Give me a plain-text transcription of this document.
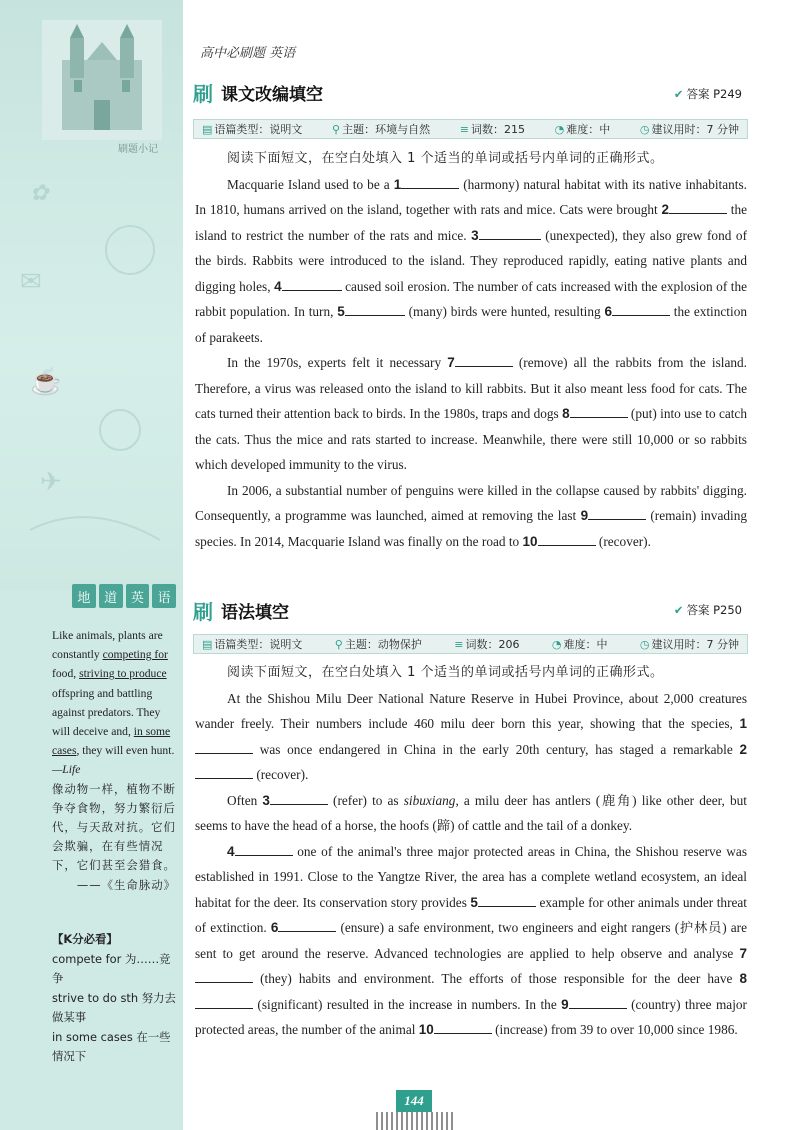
刷题小记
✿
✉
☕
✈
地	道	英	语
Like animals, plants are constantly competing for food, striving to produce offspring and battling against predators. They will deceive and, in some cases, they will even hunt. —Life
像动物一样，植物不断争夺食物，努力繁衍后代，与天敌对抗。它们会欺骗，在有些情况下，它们甚至会猎食。
——《生命脉动》
【K分必看】
compete for 为……竞争
strive to do sth 努力去做某事
in some cases 在一些情况下
高中必刷题 英语
刷 课文改编填空	✔ 答案 P249
▤ 语篇类型：说明文	⚲ 主题：环境与自然	≡ 词数：215	◔ 难度：中	◷ 建议用时：7 分钟

阅读下面短文，在空白处填入 1 个适当的单词或括号内单词的正确形式。

Macquarie Island used to be a 1	(harmony) natural habitat with its native inhabitants. In 1810, humans arrived on the island, together with rats and mice. Cats were brought 2	the island to restrict the number of the rats and mice. 3	(unexpected), they also grew fond of the birds. Rabbits were introduced to the island. They reproduced rapidly, eating native plants and digging holes, 4	caused soil erosion. The number of cats increased with the explosion of the rabbit population. In turn, 5	(many) birds were hunted, resulting 6	the extinction of parakeets.

In the 1970s, experts felt it necessary 7	(remove) all the rabbits from the island. Therefore, a virus was released onto the island to kill rabbits. But it also meant less food for cats. The cats turned their attention back to birds. In the 1980s, traps and dogs 8	(put) into use to catch the cats. Thus the mice and rats started to increase. Meanwhile, there were still 10,000 or so rabbits which developed immunity to the virus.

In 2006, a substantial number of penguins were killed in the collapse caused by rabbits' digging. Consequently, a programme was launched, aimed at removing the last 9	(remain) invading species. In 2014, Macquarie Island was finally on the road to 10	(recover).

刷 语法填空	✔ 答案 P250
▤ 语篇类型：说明文	⚲ 主题：动物保护	≡ 词数：206	◔ 难度：中	◷ 建议用时：7 分钟

阅读下面短文，在空白处填入 1 个适当的单词或括号内单词的正确形式。

At the Shishou Milu Deer National Nature Reserve in Hubei Province, about 2,000 creatures wander freely. Their numbers include 460 milu deer born this year, showing that the species, 1 was once endangered in China in the early 20th century, has staged a remarkable 2 (recover).

Often 3	(refer) to as sibuxiang, a milu deer has antlers (鹿角) like other deer, but seems to have the head of a horse, the hoofs (蹄) of cattle and the tail of a donkey.

4	one of the animal's three major protected areas in China, the Shishou reserve was established in 1991. Close to the Yangtze River, the area has a complete wetland ecosystem, an ideal habitat for the deer. Its conservation story provides 5	example for other animals under threat of extinction. 6	(ensure) a safe environment, two engineers and eight rangers (护林员) are sent to get around the reserve. Advanced technologies are applied to help observe and analyse 7 (they) habits and environment. The efforts of those responsible for the deer have 8 (significant) resulted in the increase in numbers. In the 9	(country) three major protected areas, the number of the animal 10	(increase) from 39 to over 10,000 since 1986.

144
